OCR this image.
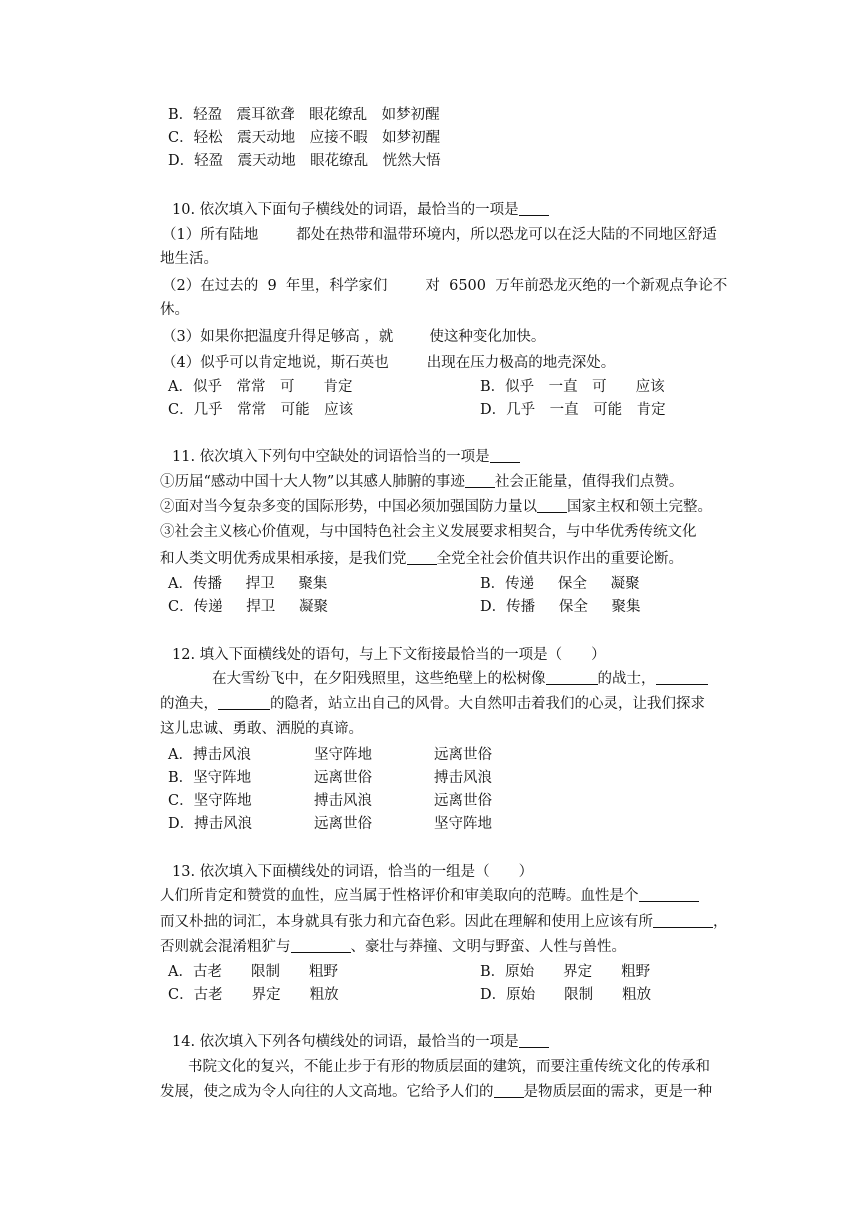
B．轻盈　震耳欲聋　眼花缭乱　如梦初醒
C．轻松　震天动地　应接不暇　如梦初醒
D．轻盈　震天动地　眼花缭乱　恍然大悟
10. 依次填入下面句子横线处的词语，最恰当的一项是
（1）所有陆地	都处在热带和温带环境内，所以恐龙可以在泛大陆的不同地区舒适
地生活。
（2）在过去的  9  年里，科学家们	对  6500  万年前恐龙灭绝的一个新观点争论不
休。
（3）如果你把温度升得足够高 ，就 使这种变化加快。
（4）似乎可以肯定地说，斯石英也	出现在压力极高的地壳深处。
A．似乎　常常　可　　肯定	B．似乎　一直　可　　应该
C．几乎　常常　可能　应该	D．几乎　一直　可能　肯定
11. 依次填入下列句中空缺处的词语恰当的一项是
①历届“感动中国十大人物”以其感人肺腑的事迹 社会正能量，值得我们点赞。
②面对当今复杂多变的国际形势，中国必须加强国防力量以 国家主权和领土完整。
③社会主义核心价值观，与中国特色社会主义发展要求相契合，与中华优秀传统文化
和人类文明优秀成果相承接，是我们党 全党全社会价值共识作出的重要论断。
A．传播　  捍卫　  聚集	B．传递　  保全　  凝聚
C．传递　  捍卫　  凝聚	D．传播　  保全　  聚集
12. 填入下面横线处的语句，与上下文衔接最恰当的一项是（　　）
在大雪纷飞中，在夕阳残照里，这些绝壁上的松树像	的战士，
的渔夫，	的隐者，站立出自己的风骨。大自然叩击着我们的心灵，让我们探求
这儿忠诚、勇敢、洒脱的真谛。
A．搏击风浪	坚守阵地	远离世俗
B．坚守阵地	远离世俗	搏击风浪
C．坚守阵地	搏击风浪	远离世俗
D．搏击风浪	远离世俗	坚守阵地
13. 依次填入下面横线处的词语，恰当的一组是（　　）
人们所肯定和赞赏的血性，应当属于性格评价和审美取向的范畴。血性是个
而又朴拙的词汇，本身就具有张力和亢奋色彩。因此在理解和使用上应该有所	，
否则就会混淆粗犷与	、豪壮与莽撞、文明与野蛮、人性与兽性。
A．古老　　限制　　粗野	B．原始　　界定　　粗野
C．古老　　界定　　粗放	D．原始　　限制　　粗放
14. 依次填入下列各句横线处的词语，最恰当的一项是
书院文化的复兴，不能止步于有形的物质层面的建筑，而要注重传统文化的传承和
发展，使之成为令人向往的人文高地。它给予人们的 是物质层面的需求，更是一种
